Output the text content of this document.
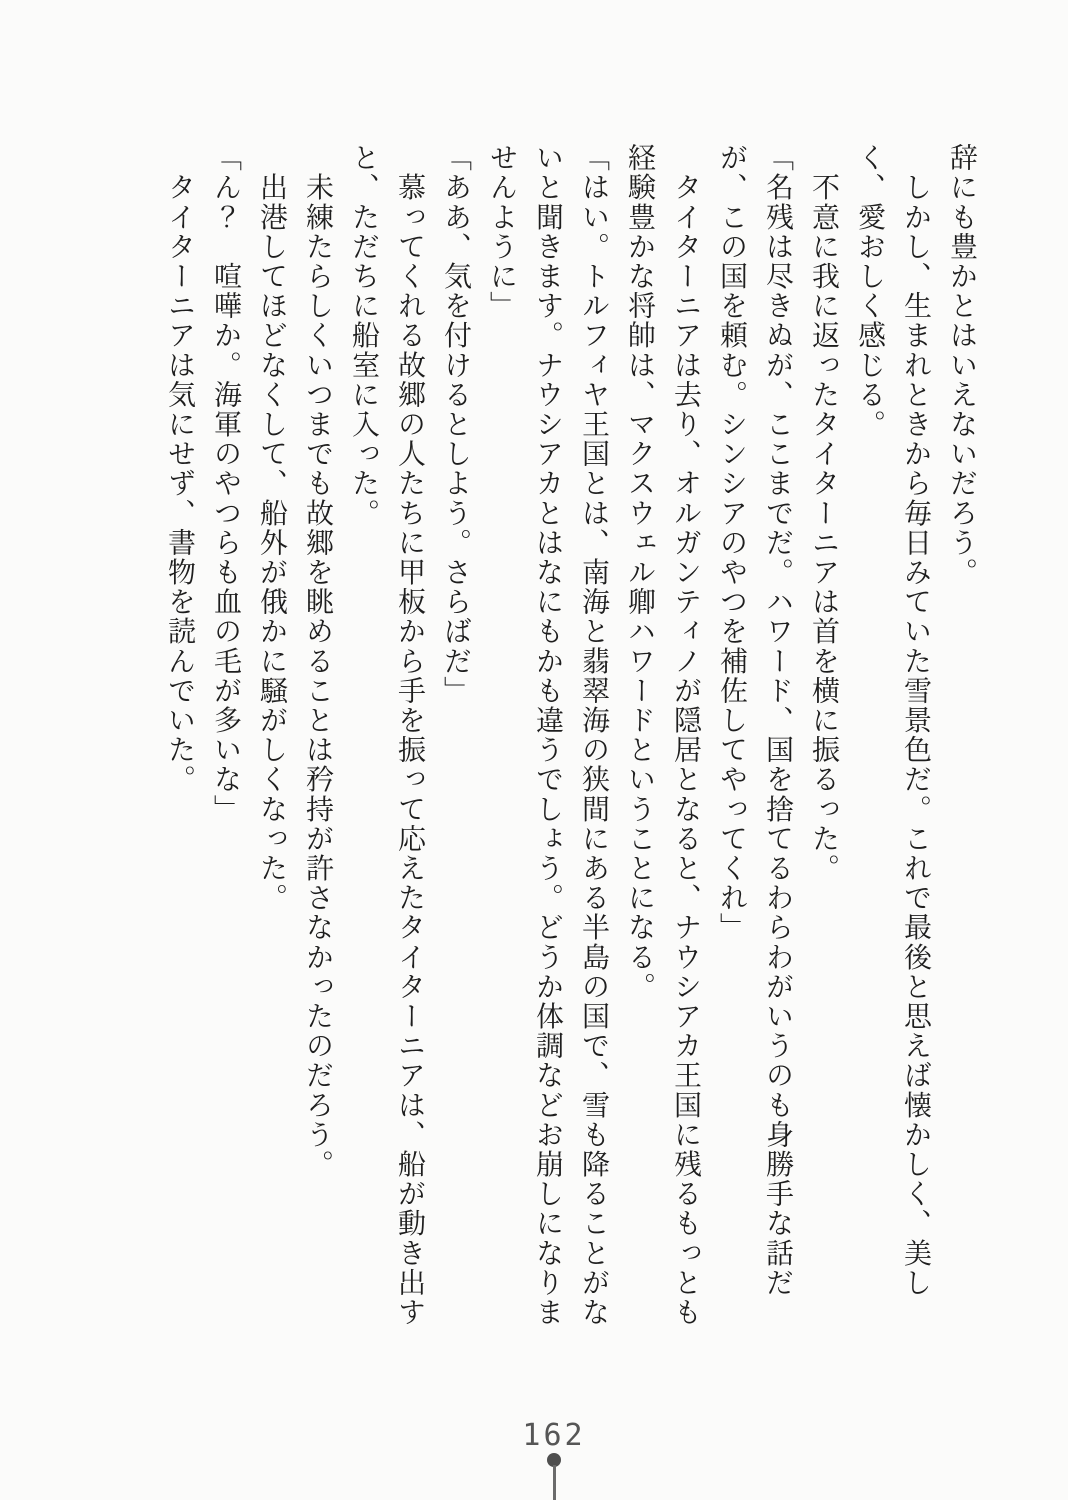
辞にも豊かとはいえないだろう。

　しかし、生まれときから毎日みていた雪景色だ。これで最後と思えば懐かしく、美しく、愛おしく感じる。

　不意に我に返ったタイターニアは首を横に振るった。

「名残は尽きぬが、ここまでだ。ハワード、国を捨てるわらわがいうのも身勝手な話だが、この国を頼む。シンシアのやつを補佐してやってくれ」

　タイターニアは去り、オルガンティノが隠居となると、ナウシアカ王国に残るもっとも経験豊かな将帥は、マクスウェル卿ハワードということになる。

「はい。トルフィヤ王国とは、南海と翡翠海の狭間にある半島の国で、雪も降ることがないと聞きます。ナウシアカとはなにもかも違うでしょう。どうか体調などお崩しになりませんように」

「ああ、気を付けるとしよう。さらばだ」

　慕ってくれる故郷の人たちに甲板から手を振って応えたタイターニアは、船が動き出すと、ただちに船室に入った。

　未練たらしくいつまでも故郷を眺めることは矜持が許さなかったのだろう。

　出港してほどなくして、船外が俄かに騒がしくなった。

「ん？　喧嘩か。海軍のやつらも血の毛が多いな」

　タイターニアは気にせず、書物を読んでいた。

162
